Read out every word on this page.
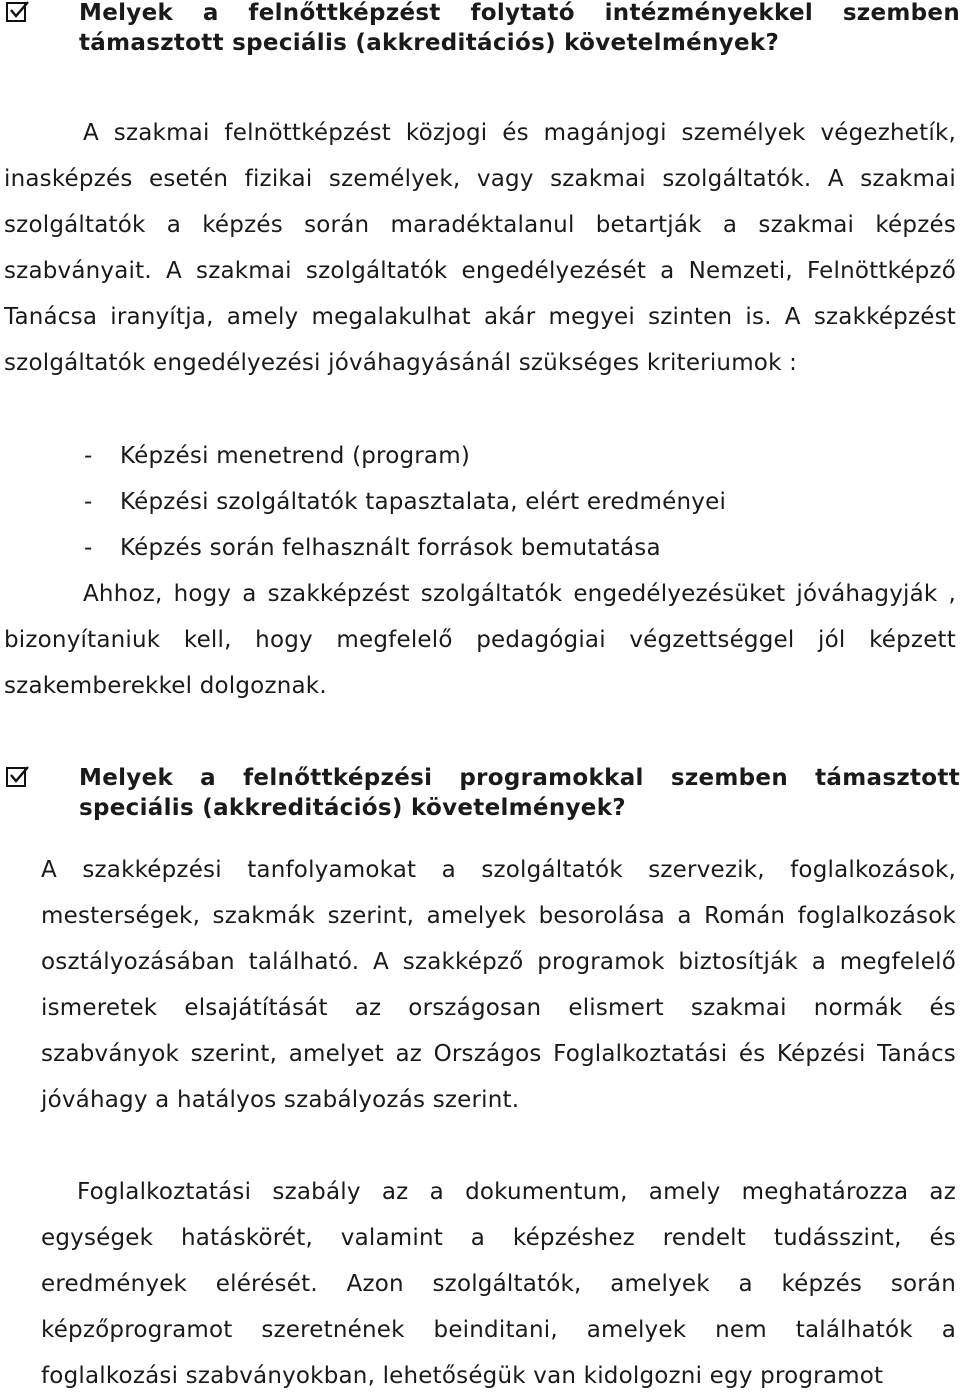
Melyek a felnőttképzést folytató intézményekkel szemben támasztott speciális (akkreditációs) követelmények?
A szakmai felnöttképzést közjogi és magánjogi személyek végezhetík, inasképzés esetén fizikai személyek, vagy szakmai szolgáltatók. A szakmai szolgáltatók a képzés során maradéktalanul betartják a szakmai képzés szabványait. A szakmai szolgáltatók engedélyezését a Nemzeti, Felnöttképző Tanácsa iranyítja, amely megalakulhat akár megyei szinten is. A szakképzést szolgáltatók engedélyezési jóváhagyásánál szükséges kriteriumok :
- Képzési menetrend (program)
- Képzési szolgáltatók tapasztalata, elért eredményei
- Képzés során felhasznált források bemutatása
Ahhoz, hogy a szakképzést szolgáltatók engedélyezésüket jóváhagyják , bizonyítaniuk kell, hogy megfelelő pedagógiai végzettséggel jól képzett szakemberekkel dolgoznak.
Melyek a felnőttképzési programokkal szemben támasztott speciális (akkreditációs) követelmények?
A szakképzési tanfolyamokat a szolgáltatók szervezik, foglalkozások, mesterségek, szakmák szerint, amelyek besorolása a Román foglalkozások osztályozásában található. A szakképző programok biztosítják a megfelelő ismeretek elsajátítását az országosan elismert szakmai normák és szabványok szerint, amelyet az Országos Foglalkoztatási és Képzési Tanács jóváhagy a hatályos szabályozás szerint.
Foglalkoztatási szabály az a dokumentum, amely meghatározza az egységek hatáskörét, valamint a képzéshez rendelt tudásszint, és eredmények elérését. Azon szolgáltatók, amelyek a képzés során képzőprogramot szeretnének beinditani, amelyek nem találhatók a foglalkozási szabványokban, lehetőségük van kidolgozni egy programot
